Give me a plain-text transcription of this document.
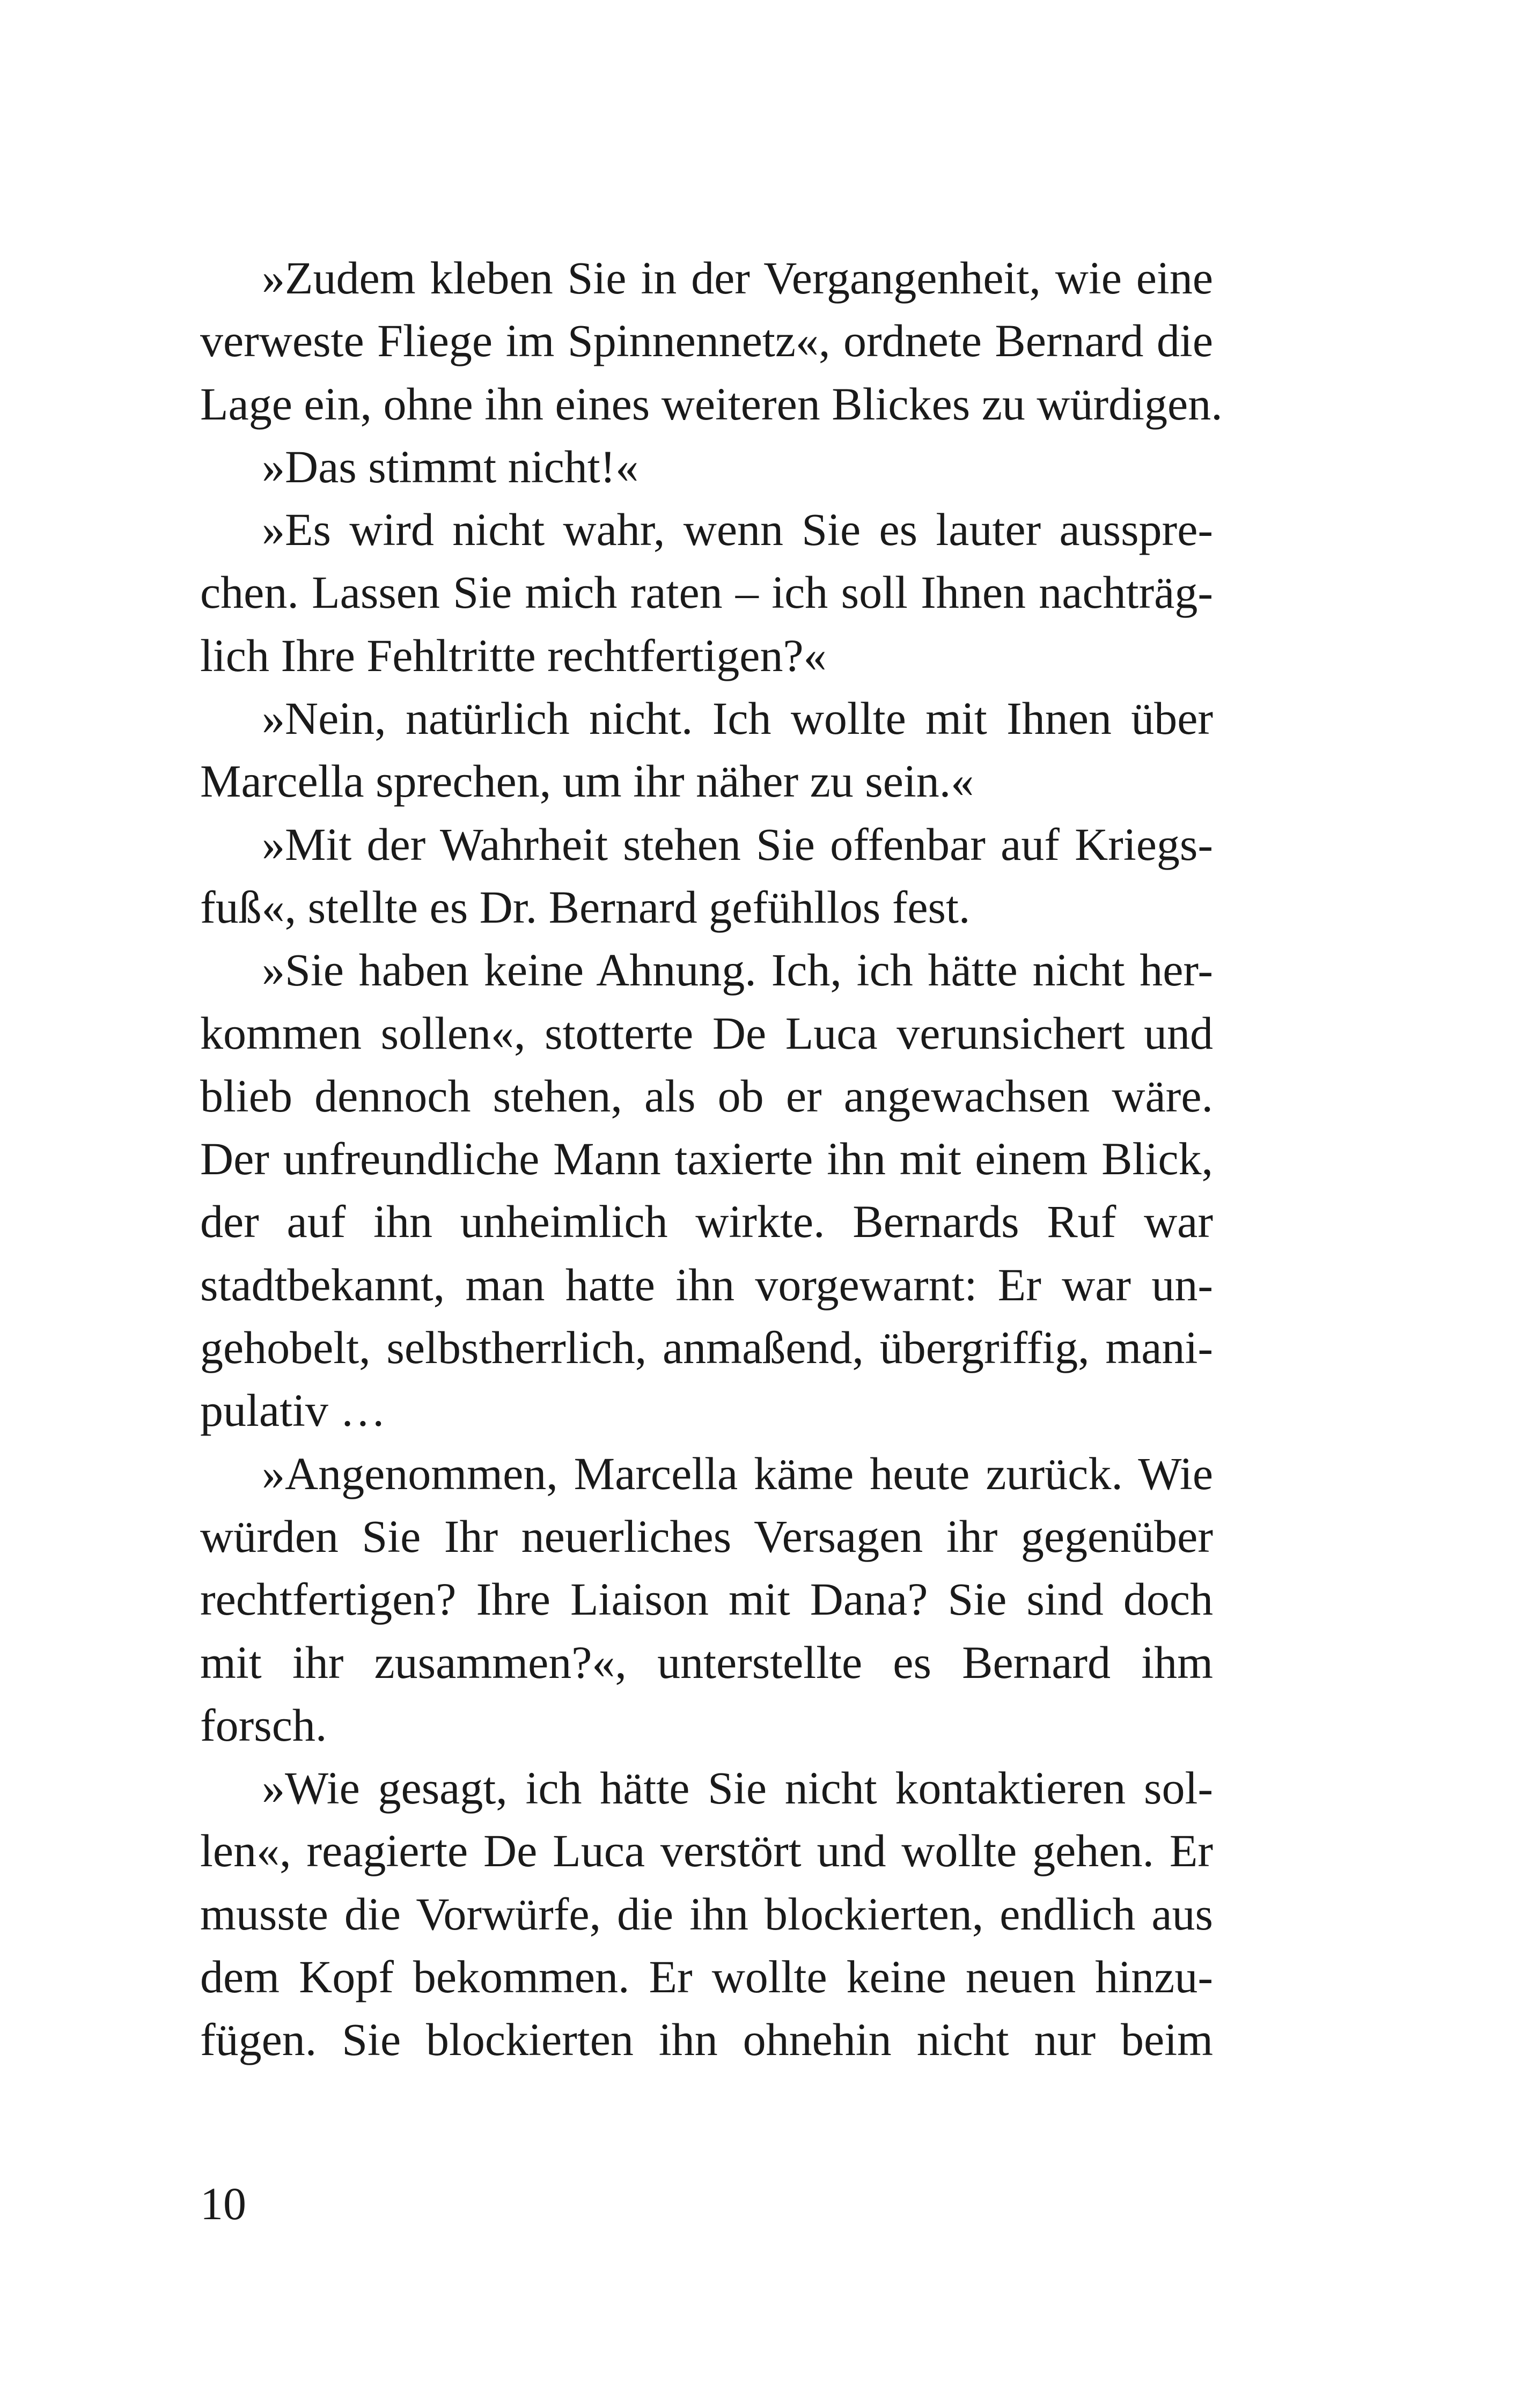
»Zudem kleben Sie in der Vergangenheit, wie eine
verweste Fliege im Spinnennetz«, ordnete Bernard die
Lage ein, ohne ihn eines weiteren Blickes zu würdigen.
»Das stimmt nicht!«
»Es wird nicht wahr, wenn Sie es lauter ausspre-
chen. Lassen Sie mich raten – ich soll Ihnen nachträg-
lich Ihre Fehltritte rechtfertigen?«
»Nein, natürlich nicht. Ich wollte mit Ihnen über
Marcella sprechen, um ihr näher zu sein.«
»Mit der Wahrheit stehen Sie offenbar auf Kriegs-
fuß«, stellte es Dr. Bernard gefühllos fest.
»Sie haben keine Ahnung. Ich, ich hätte nicht her-
kommen sollen«, stotterte De Luca verunsichert und
blieb dennoch stehen, als ob er angewachsen wäre.
Der unfreundliche Mann taxierte ihn mit einem Blick,
der auf ihn unheimlich wirkte. Bernards Ruf war
stadtbekannt, man hatte ihn vorgewarnt: Er war un-
gehobelt, selbstherrlich, anmaßend, übergriffig, mani-
pulativ …
»Angenommen, Marcella käme heute zurück. Wie
würden Sie Ihr neuerliches Versagen ihr gegenüber
rechtfertigen? Ihre Liaison mit Dana? Sie sind doch
mit ihr zusammen?«, unterstellte es Bernard ihm
forsch.
»Wie gesagt, ich hätte Sie nicht kontaktieren sol-
len«, reagierte De Luca verstört und wollte gehen. Er
musste die Vorwürfe, die ihn blockierten, endlich aus
dem Kopf bekommen. Er wollte keine neuen hinzu-
fügen. Sie blockierten ihn ohnehin nicht nur beim
10
